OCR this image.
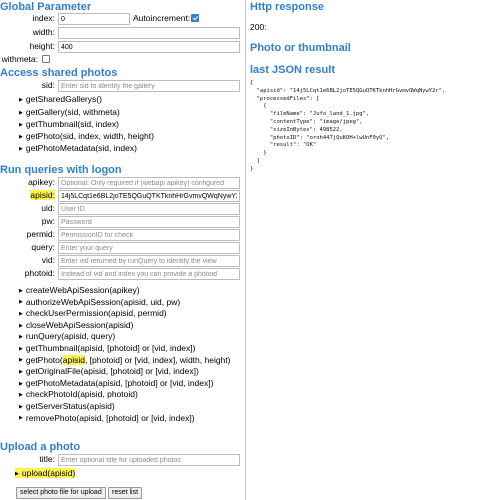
Global Parameter
index:
0	Autoincrement:
width:
height:
400
withmeta:
Access shared photos
sid:
Enter sid to identify the gallery
▶ getSharedGallerys()
▶ getGallery(sid, withmeta)
▶ getThumbnail(sid, index)
▶ getPhoto(sid, index, width, height)
▶ getPhotoMetadata(sid, index)
Run queries with logon
apikey:
Optional: Only required if (webapi apikey) configured
apisid:
14j5LCqt1e6BL2joTE5QGuQTKTknhHrGvmvQWqNywY2r
uid:
User ID
pw:
Password
permid:
PermissionID for check
query:
Enter your query
vid:
Enter vid returned by runQuery to identify the view
photoid:
Instead of vid and index you can provide a photoid
▶ createWebApiSession(apikey)
▶ authorizeWebApiSession(apisid, uid, pw)
▶ checkUserPermission(apisid, permid)
▶ closeWebApiSession(apisid)
▶ runQuery(apisid, query)
▶ getThumbnail(apisid, [photoid] or [vid, index])
▶ getPhoto(apisid, [photoid] or [vid, index], width, height)
▶ getOriginalFile(apisid, [photoid] or [vid, index])
▶ getPhotoMetadata(apisid, [photoid] or [vid, index])
▶ checkPhotoId(apisid, photoid)
▶ getServerStatus(apisid)
▶ removePhoto(apisid, [photoid] or [vid, index])
Upload a photo
title:
Enter optional title for uploaded photos
▶ upload(apisid)
select photo file for upload	reset list
Http response
200:
Photo or thumbnail
last JSON result
{
"apisid": "14j5LCqt1e6BL2joTE5QGuQTKTknhHrGvmvQWqNywY2r",
"processedFiles": [
{
"fileName": "Jufo_land_1.jpg",
"contentType": "image/jpeg",
"sizeInBytes": 498522,
"photoID": "oroh447jQuKOH+lwUnF0yQ",
"result": "OK"
}
]
}
